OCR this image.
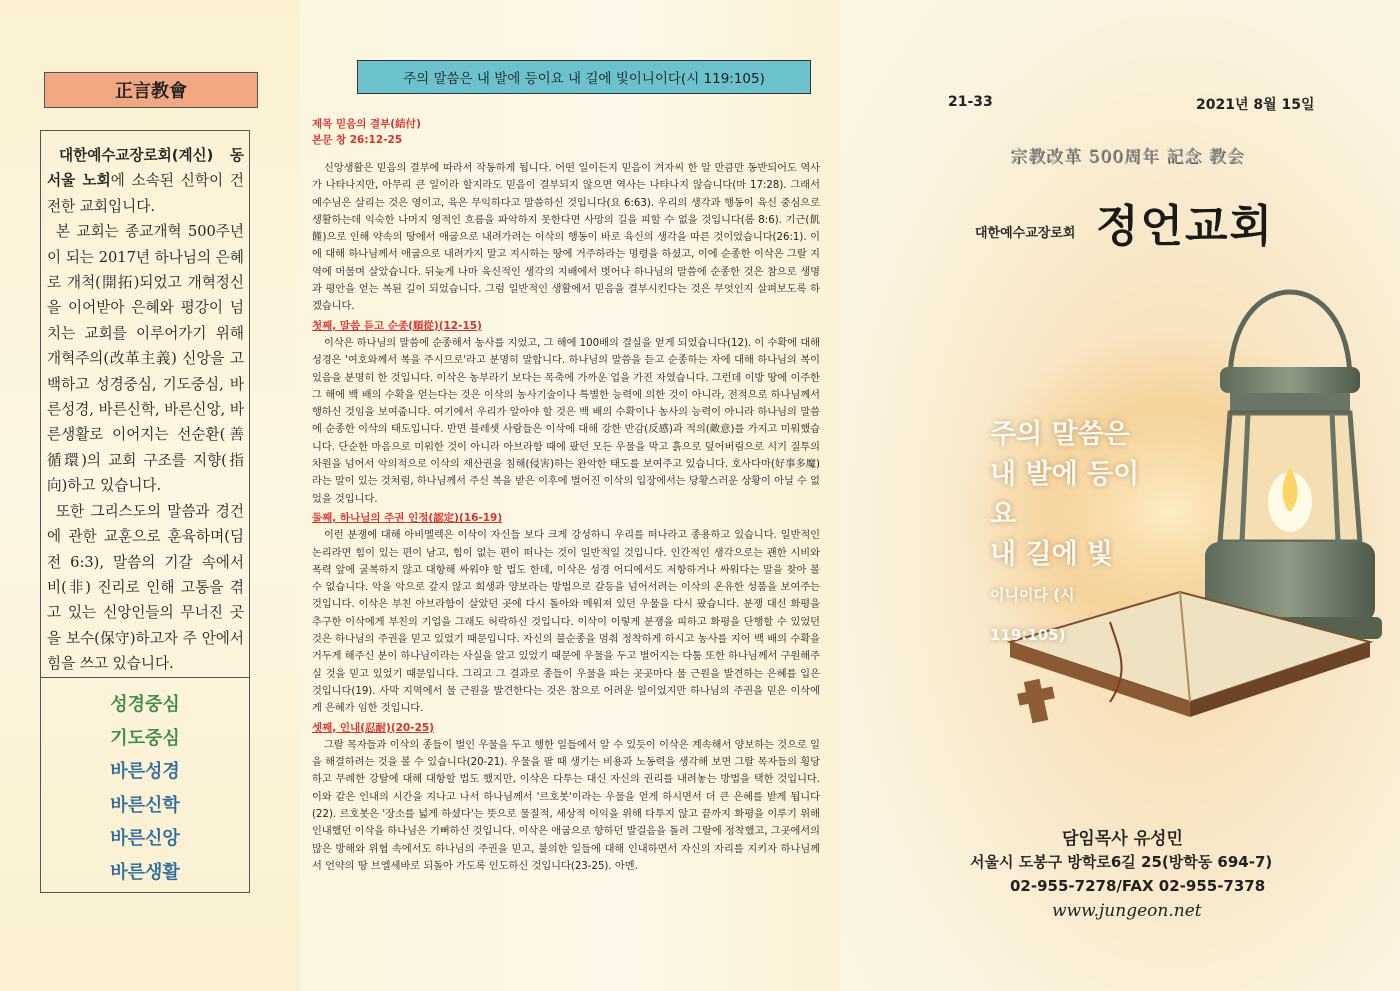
正言教會

대한예수교장로회(계신) 동서울 노회에 소속된 신학이 건전한 교회입니다.

본 교회는 종교개혁 500주년이 되는 2017년 하나님의 은혜로 개척(開拓)되었고 개혁정신을 이어받아 은혜와 평강이 넘치는 교회를 이루어가기 위해 개혁주의(改革主義) 신앙을 고백하고 성경중심, 기도중심, 바른성경, 바른신학, 바른신앙, 바른생활로 이어지는 선순환(善循環)의 교회 구조를 지향(指向)하고 있습니다.

또한 그리스도의 말씀과 경건에 관한 교훈으로 훈육하며(딤전 6:3), 말씀의 기갈 속에서 비(非) 진리로 인해 고통을 겪고 있는 신앙인들의 무너진 곳을 보수(保守)하고자 주 안에서 힘을 쓰고 있습니다.

성경중심
기도중심
바른성경
바른신학
바른신앙
바른생활
주의 말씀은 내 발에 등이요 내 길에 빛이니이다(시 119:105)
제목 믿음의 결부(結付)
본문 창 26:12-25

신앙생활은 믿음의 결부에 따라서 작동하게 됩니다. 어떤 일이든지 믿음이 겨자씨 한 알 만큼만 동반되어도 역사가 나타나지만, 아무리 큰 일이라 할지라도 믿음이 결부되지 않으면 역사는 나타나지 않습니다(마 17:28). 그래서 예수님은 살리는 것은 영이고, 육은 무익하다고 말씀하신 것입니다(요 6:63). 우리의 생각과 행동이 육신 중심으로 생활하는데 익숙한 나머지 영적인 흐름을 파악하지 못한다면 사망의 길을 피할 수 없을 것입니다(롬 8:6). 기근(飢饉)으로 인해 약속의 땅에서 애굽으로 내려가려는 이삭의 행동이 바로 육신의 생각을 따른 것이었습니다(26:1). 이에 대해 하나님께서 애굽으로 내려가지 말고 지시하는 땅에 거주하라는 명령을 하셨고, 이에 순종한 이삭은 그랄 지역에 머물며 살았습니다. 뒤늦게 나마 육신적인 생각의 지배에서 벗어나 하나님의 말씀에 순종한 것은 참으로 생명과 평안을 얻는 복된 길이 되었습니다. 그럼 일반적인 생활에서 믿음을 결부시킨다는 것은 무엇인지 살펴보도록 하겠습니다.

첫째, 말씀 듣고 순종(順從)(12-15)

이삭은 하나님의 말씀에 순종해서 농사를 지었고, 그 해에 100배의 결실을 얻게 되었습니다(12). 이 수확에 대해 성경은 '여호와께서 복을 주시므로'라고 분명히 말합니다. 하나님의 말씀을 듣고 순종하는 자에 대해 하나님의 복이 있음을 분명히 한 것입니다. 이삭은 농부라기 보다는 목축에 가까운 업을 가진 자였습니다. 그런데 이방 땅에 이주한 그 해에 백 배의 수확을 얻는다는 것은 이삭의 농사기술이나 특별한 능력에 의한 것이 아니라, 전적으로 하나님께서 행하신 것임을 보여줍니다. 여기에서 우리가 알아야 할 것은 백 배의 수확이나 농사의 능력이 아니라 하나님의 말씀에 순종한 이삭의 태도입니다. 반면 블레셋 사람들은 이삭에 대해 강한 반감(反感)과 적의(敵意)를 가지고 미워했습니다. 단순한 마음으로 미워한 것이 아니라 아브라함 때에 팠던 모든 우물을 막고 흙으로 덮어버림으로 시기 질투의 차원을 넘어서 악의적으로 이삭의 재산권을 침해(侵害)하는 완악한 태도를 보여주고 있습니다. 호사다마(好事多魔)라는 말이 있는 것처럼, 하나님께서 주신 복을 받은 이후에 벌어진 이삭의 입장에서는 당황스러운 상황이 아닐 수 없었을 것입니다.

둘째, 하나님의 주권 인정(認定)(16-19)

이런 분쟁에 대해 아비멜렉은 이삭이 자신들 보다 크게 강성하니 우리를 떠나라고 종용하고 있습니다. 일반적인 논리라면 힘이 있는 편이 남고, 힘이 없는 편이 떠나는 것이 일반적일 것입니다. 인간적인 생각으로는 괜한 시비와 폭력 앞에 굴복하지 않고 대항해 싸워야 할 법도 한데, 이삭은 성경 어디에서도 저항하거나 싸워다는 말을 찾아 볼 수 없습니다. 악을 악으로 갚지 않고 희생과 양보라는 방법으로 갈등을 넘어서려는 이삭의 온유한 성품을 보여주는 것입니다. 이삭은 부친 아브라함이 살았던 곳에 다시 돌아와 메워져 있던 우물을 다시 팠습니다. 분쟁 대신 화평을 추구한 이삭에게 부친의 기업을 그래도 허락하신 것입니다. 이삭이 이렇게 분쟁을 피하고 화평을 단행할 수 있었던 것은 하나님의 주권을 믿고 있었기 때문입니다. 자신의 불순종을 멈춰 정착하게 하시고 농사를 지어 백 배의 수확을 거두게 해주신 분이 하나님이라는 사실을 알고 있었기 때문에 우물을 두고 벌어지는 다툼 또한 하나님께서 구원해주실 것을 믿고 있었기 때문입니다. 그리고 그 결과로 종들이 우물을 파는 곳곳마다 물 근원을 발견하는 은혜를 입은 것입니다(19). 사막 지역에서 물 근원을 발견한다는 것은 참으로 어려운 일이었지만 하나님의 주권을 믿은 이삭에게 은혜가 임한 것입니다.

셋째, 인내(忍耐)(20-25)

그랄 목자들과 이삭의 종들이 벌인 우물을 두고 행한 일들에서 알 수 있듯이 이삭은 계속해서 양보하는 것으로 일을 해결하려는 것을 볼 수 있습니다(20-21). 우물을 팔 때 생기는 비용과 노동력을 생각해 보면 그랄 목자들의 횡당하고 무례한 강탈에 대해 대항할 법도 했지만, 이삭은 다투는 대신 자신의 권리를 내려놓는 방법을 택한 것입니다. 이와 같은 인내의 시간을 지나고 나서 하나님께서 '르호봇'이라는 우물을 얻게 하시면서 더 큰 은혜를 받게 됩니다(22). 르호봇은 '장소를 넓게 하셨다'는 뜻으로 물질적, 세상적 이익을 위해 다투지 않고 끝까지 화평을 이루기 위해 인내했던 이삭을 하나님은 기뻐하신 것입니다. 이삭은 애굽으로 향하던 발걸음을 돌려 그랄에 정착했고, 그곳에서의 많은 방해와 위협 속에서도 하나님의 주권을 믿고, 불의한 일들에 대해 인내하면서 자신의 자리를 지키자 하나님께서 언약의 땅 브엘세바로 되돌아 가도록 인도하신 것입니다(23-25). 아멘.

21-33	2021년 8월 15일
宗教改革 500周年 記念 教会
대한예수교장로회 정언교회
주의 말씀은
내 발에 등이요
내 길에 빛
이니이다 (시 119:105)
담임목사 유성민
서울시 도봉구 방학로6길 25(방학동 694-7)
02-955-7278/FAX 02-955-7378
www.jungeon.net
